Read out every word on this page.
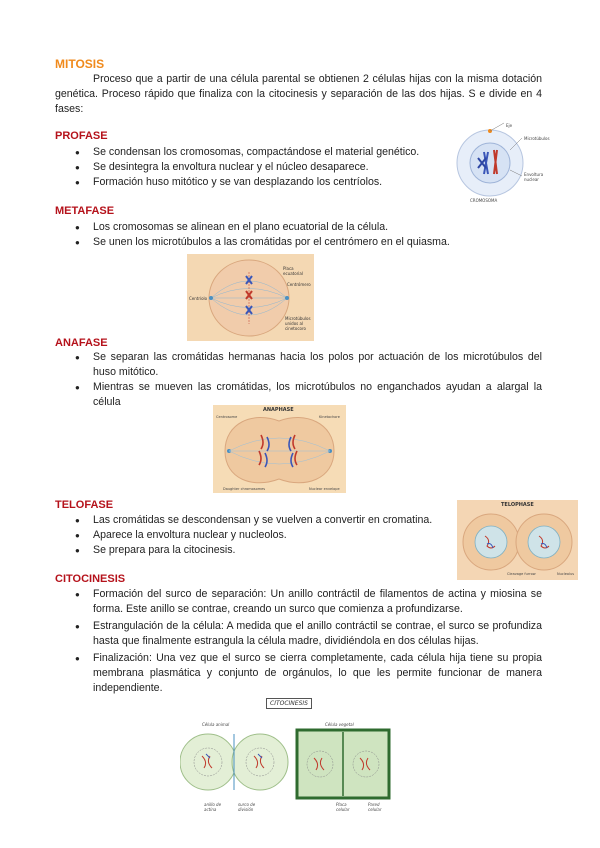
MITOSIS
Proceso que a partir de una célula parental se obtienen 2 células hijas con la misma dotación genética. Proceso rápido que finaliza con la citocinesis y separación de las dos hijas. S e divide en 4 fases:
PROFASE
● Se condensan los cromosomas, compactándose el material genético.
● Se desintegra la envoltura nuclear y el núcleo desaparece.
● Formación huso mitótico y se van desplazando los centríolos.
Eje
Microtúbulos
Envoltura nuclear
CROMOSOMA
METAFASE
● Los cromosomas se alinean en el plano ecuatorial de la célula.
● Se unen los microtúbulos a las cromátidas por el centrómero en el quiasma.
Placa ecuatorial
Centríolo
Centrómero
Microtúbulos unidos al cinetocoro
ANAFASE
● Se separan las cromátidas hermanas hacia los polos por actuación de los microtúbulos del huso mitótico.
● Mientras se mueven las cromátidas, los microtúbulos no enganchados ayudan a alargal la célula
ANAPHASE
Centrosome
Daughter chromosomes	Nuclear envelope
Kinetochore
TELOFASE
● Las cromátidas se descondensan y se vuelven a convertir en cromatina.
● Aparece la envoltura nuclear y nucleolos.
● Se prepara para la citocinesis.
TELOPHASE
Cleavage furrow	Nucleolus
CITOCINESIS
● Formación del surco de separación: Un anillo contráctil de filamentos de actina y miosina se forma. Este anillo se contrae, creando un surco que comienza a profundizarse.
● Estrangulación de la célula: A medida que el anillo contráctil se contrae, el surco se profundiza hasta que finalmente estrangula la célula madre, dividiéndola en dos células hijas.
● Finalización: Una vez que el surco se cierra completamente, cada célula hija tiene su propia membrana plasmática y conjunto de orgánulos, lo que les permite funcionar de manera independiente.
CITOCINESIS
Célula animal	Célula vegetal
anillo de actina
surco de división
Placa celular
Pared celular
